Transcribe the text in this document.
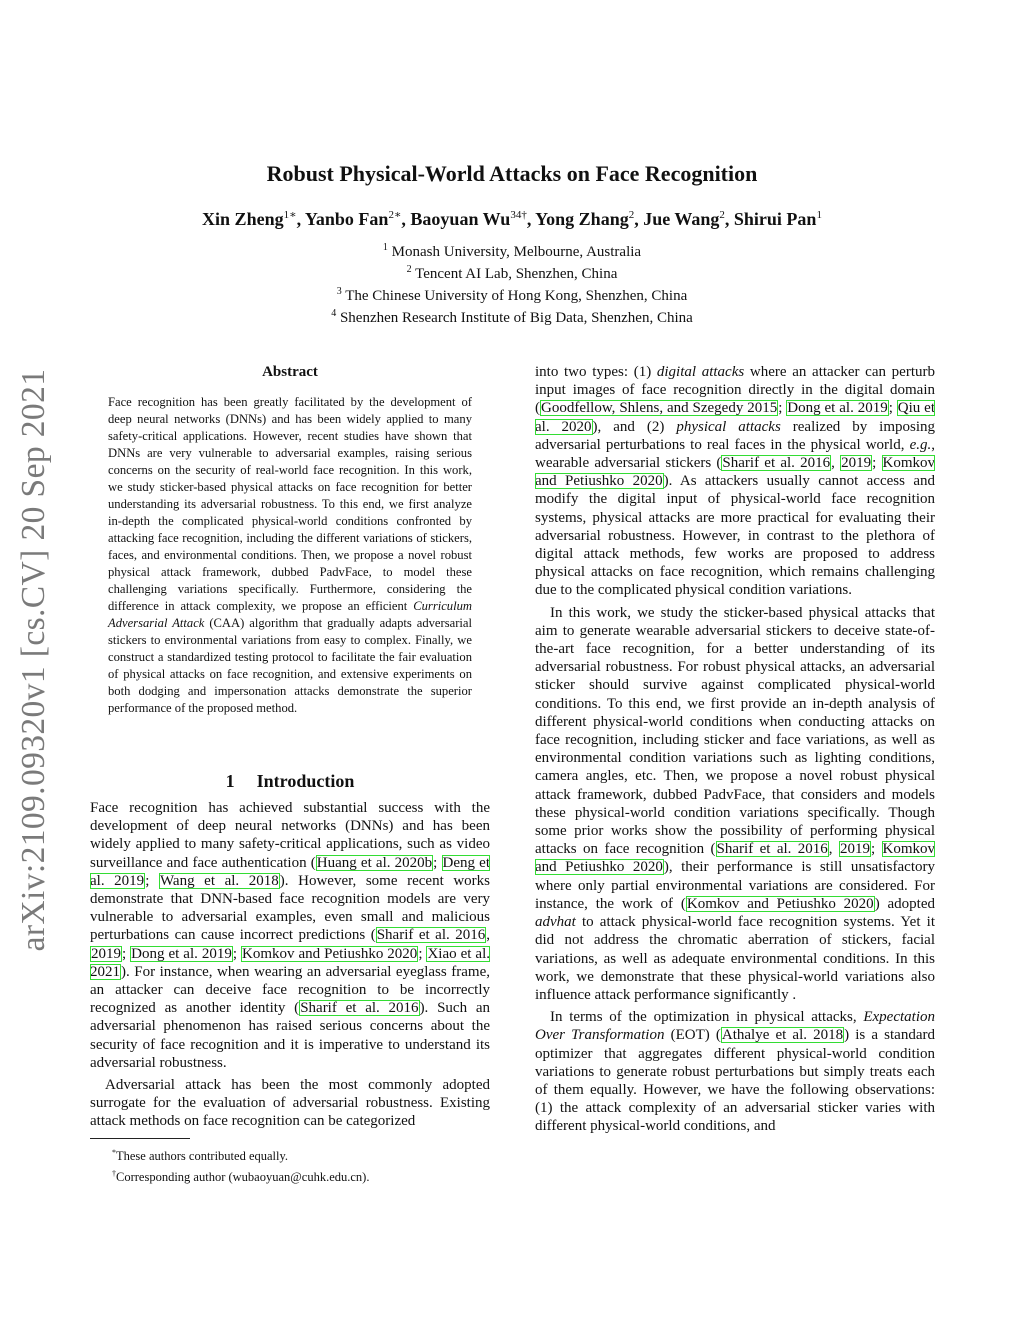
arXiv:2109.09320v1 [cs.CV] 20 Sep 2021
Robust Physical-World Attacks on Face Recognition
Xin Zheng$^{1∗}$, Yanbo Fan$^{2∗}$, Baoyuan $Wu^{34\dagger}$, Yong Zhang$^2$, Jue Wang$^2$, Shirui Pan$^1$
$^1$ Monash University, Melbourne, Australia
$^2$ Tencent AI Lab, Shenzhen, China
$^3$ The Chinese University of Hong Kong, Shenzhen, China
$^4$ Shenzhen Research Institute of Big Data, Shenzhen, China
Abstract
Face recognition has been greatly facilitated by the development of deep neural networks (DNNs) and has been widely applied to many safety-critical applications. However, recent studies have shown that DNNs are very vulnerable to adversarial examples, raising serious concerns on the security of real-world face recognition. In this work, we study sticker-based physical attacks on face recognition for better understanding its adversarial robustness. To this end, we first analyze in-depth the complicated physical-world conditions confronted by attacking face recognition, including the different variations of stickers, faces, and environmental conditions. Then, we propose a novel robust physical attack framework, dubbed PadvFace, to model these challenging variations specifically. Furthermore, considering the difference in attack complexity, we propose an efficient Curriculum Adversarial Attack (CAA) algorithm that gradually adapts adversarial stickers to environmental variations from easy to complex. Finally, we construct a standardized testing protocol to facilitate the fair evaluation of physical attacks on face recognition, and extensive experiments on both dodging and impersonation attacks demonstrate the superior performance of the proposed method.
1 Introduction

Face recognition has achieved substantial success with the development of deep neural networks (DNNs) and has been widely applied to many safety-critical applications, such as video surveillance and face authentication (Huang et al. 2020b; Deng et al. 2019; Wang et al. 2018). However, some recent works demonstrate that DNN-based face recognition models are very vulnerable to adversarial examples, even small and malicious perturbations can cause incorrect predictions (Sharif et al. 2016, 2019; Dong et al. 2019; Komkov and Petiushko 2020; Xiao et al. 2021). For instance, when wearing an adversarial eyeglass frame, an attacker can deceive face recognition to be incorrectly recognized as another identity (Sharif et al. 2016). Such an adversarial phenomenon has raised serious concerns about the security of face recognition and it is imperative to understand its adversarial robustness.

Adversarial attack has been the most commonly adopted surrogate for the evaluation of adversarial robustness. Existing attack methods on face recognition can be categorized

into two types: (1) digital attacks where an attacker can perturb input images of face recognition directly in the digital domain (Goodfellow, Shlens, and Szegedy 2015; Dong et al. 2019; Qiu et al. 2020), and (2) physical attacks realized by imposing adversarial perturbations to real faces in the physical world, e.g., wearable adversarial stickers (Sharif et al. 2016, 2019; Komkov and Petiushko 2020). As attackers usually cannot access and modify the digital input of physical-world face recognition systems, physical attacks are more practical for evaluating their adversarial robustness. However, in contrast to the plethora of digital attack methods, few works are proposed to address physical attacks on face recognition, which remains challenging due to the complicated physical condition variations.

In this work, we study the sticker-based physical attacks that aim to generate wearable adversarial stickers to deceive state-of-the-art face recognition, for a better understanding of its adversarial robustness. For robust physical attacks, an adversarial sticker should survive against complicated physical-world conditions. To this end, we first provide an in-depth analysis of different physical-world conditions when conducting attacks on face recognition, including sticker and face variations, as well as environmental condition variations such as lighting conditions, camera angles, etc. Then, we propose a novel robust physical attack framework, dubbed PadvFace, that considers and models these physical-world condition variations specifically. Though some prior works show the possibility of performing physical attacks on face recognition (Sharif et al. 2016, 2019; Komkov and Petiushko 2020), their performance is still unsatisfactory where only partial environmental variations are considered. For instance, the work of (Komkov and Petiushko 2020) adopted advhat to attack physical-world face recognition systems. Yet it did not address the chromatic aberration of stickers, facial variations, as well as adequate environmental conditions. In this work, we demonstrate that these physical-world variations also influence attack performance significantly .

In terms of the optimization in physical attacks, Expectation Over Transformation (EOT) (Athalye et al. 2018) is a standard optimizer that aggregates different physical-world condition variations to generate robust perturbations but simply treats each of them equally. However, we have the following observations: (1) the attack complexity of an adversarial sticker varies with different physical-world conditions, and

*These authors contributed equally.
†Corresponding author (wubaoyuan@cuhk.edu.cn).
